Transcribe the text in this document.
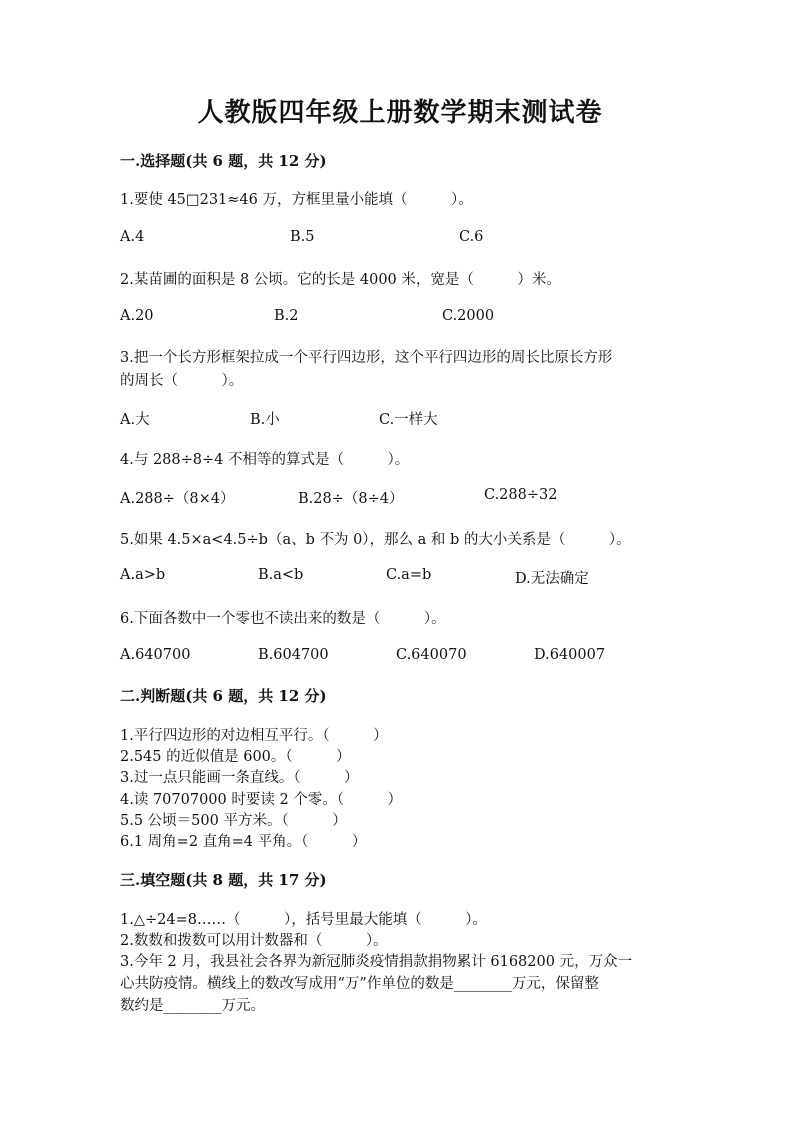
人教版四年级上册数学期末测试卷
一.选择题(共 6 题，共 12 分)
1.要使 45□231≈46 万，方框里量小能填（　　　）。
A.4	B.5	C.6
2.某苗圃的面积是 8 公顷。它的长是 4000 米，宽是（　　　）米。
A.20	B.2	C.2000
3.把一个长方形框架拉成一个平行四边形，这个平行四边形的周长比原长方形
的周长（　　　）。
A.大	B.小	C.一样大
4.与 288÷8÷4 不相等的算式是（　　　）。
A.288÷（8×4）	B.28÷（8÷4）	C.288÷32
5.如果 4.5×a<4.5÷b（a、b 不为 0），那么 a 和 b 的大小关系是（　　　）。
A.a>b	B.a<b	C.a=b	D.无法确定
6.下面各数中一个零也不读出来的数是（　　　）。
A.640700	B.604700	C.640070	D.640007
二.判断题(共 6 题，共 12 分)
1.平行四边形的对边相互平行。（　　　）
2.545 的近似值是 600。（　　　）
3.过一点只能画一条直线。（　　　）
4.读 70707000 时要读 2 个零。（　　　）
5.5 公顷＝500 平方米。（　　　）
6.1 周角=2 直角=4 平角。（　　　）
三.填空题(共 8 题，共 17 分)
1.△÷24=8……（　　　），括号里最大能填（　　　）。
2.数数和拨数可以用计数器和（　　　）。
3.今年 2 月，我县社会各界为新冠肺炎疫情捐款捐物累计 6168200 元，万众一
心共防疫情。横线上的数改写成用“万”作单位的数是________万元，保留整
数约是________万元。
